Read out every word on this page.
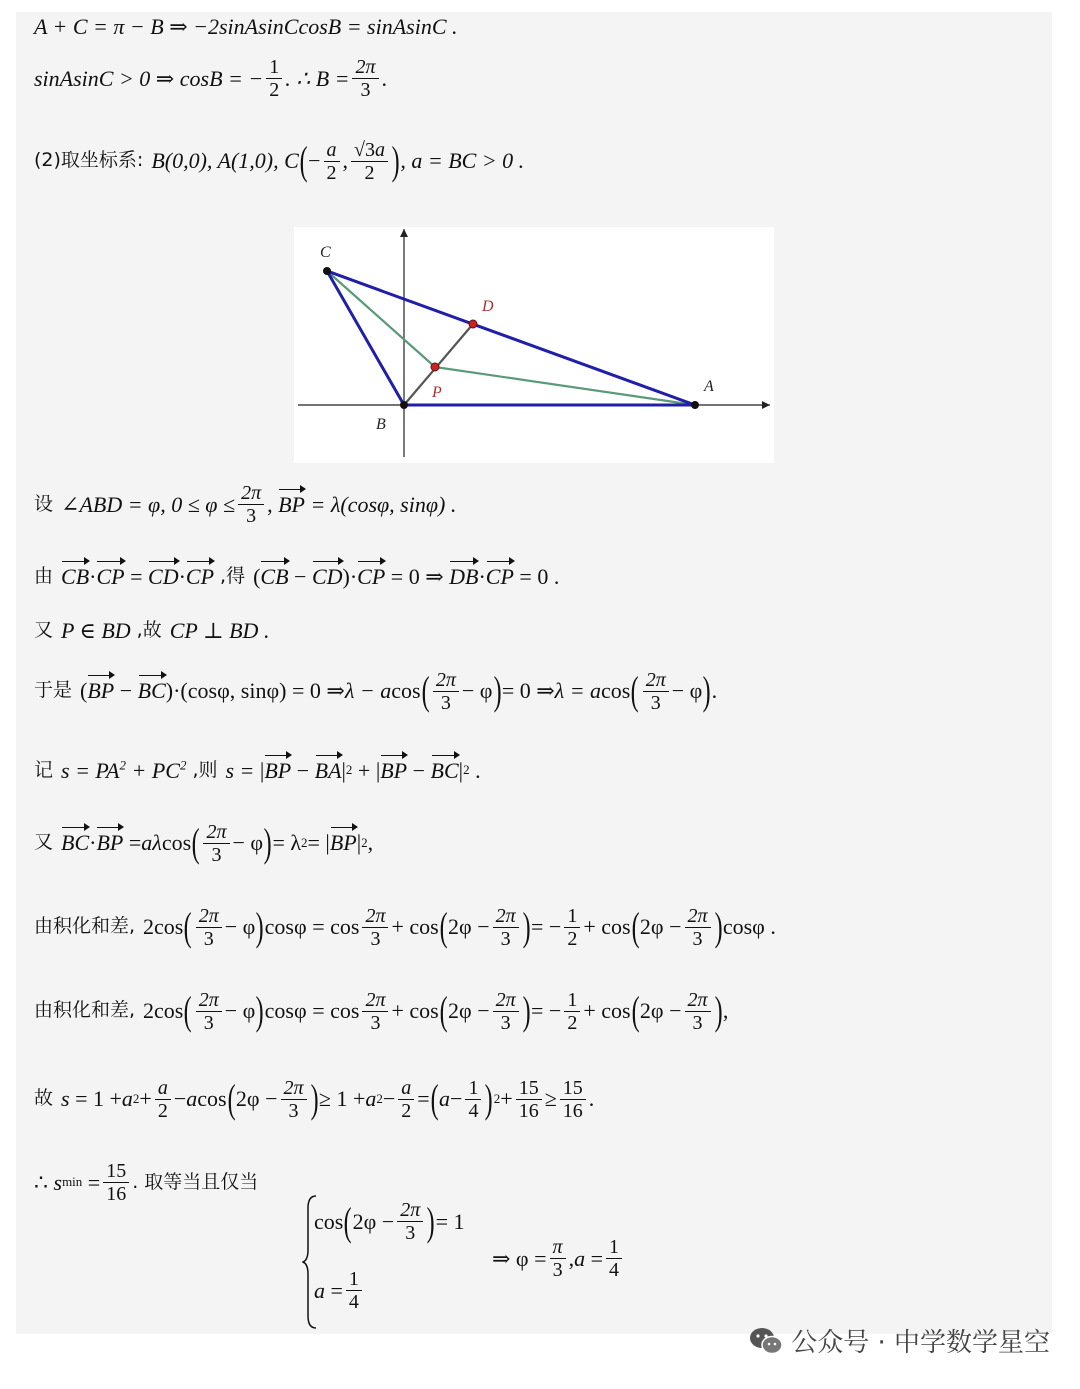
A + C = π − B ⇒ −2sinAsinCcosB = sinAsinC .
sinAsinC > 0 ⇒ cosB = − $\frac{1}{2}$ . ∴ $B = \frac{2\pi}{3}$ .
(2)取坐标系: B(0,0), A(1,0), C ( − $\frac{a}{2}$ , $\frac{√3a}{2}$ ) , a = BC > 0 .
设 ∠ABD = φ, $0 \le \varphi \le \frac{2\pi}{3}$ , BP = λ(cosφ, sinφ) .
由 CB · CP = CD · CP ,得 ( CB − CD )· CP = 0 ⇒ DB · CP = 0 .
又 P ∈ BD ,故 CP ⊥ BD .
于是 ( BP − BC )·(cosφ, sinφ) = 0 ⇒ λ − a cos ( $\frac{2\pi}{3} - \varphi$ ) = 0 ⇒ λ = a cos ( $\frac{2\pi}{3} - \varphi$ ) .
记 $s = PA^2 + PC^2$ ,则 s = | BP − BA | 2 + | BP − BC | 2 .
又 BC · BP = aλ cos ( $\frac{2\pi}{3} - \varphi$ ) = λ 2 = | BP | 2 ,
由积化和差, 2cos ( $\frac{2\pi}{3} - \varphi$ ) $\cos\varphi = \cos \frac{2\pi}{3} + \cos$ ( $2\varphi - \frac{2\pi}{3}$ ) = − $\frac{1}{2} + \cos$ ( $2\varphi - \frac{2\pi}{3}$ ) cosφ .
由积化和差, 2cos ( $\frac{2\pi}{3} - \varphi$ ) $\cos\varphi = \cos \frac{2\pi}{3} + \cos$ ( $2\varphi - \frac{2\pi}{3}$ ) = − $\frac{1}{2} + \cos$ ( $2\varphi - \frac{2\pi}{3}$ ) ,
故 s = 1 + a $2 + \frac{a}{2} - a$ cos ( $2\varphi - \frac{2\pi}{3}$ ) ≥ 1 + a $2 - \frac{a}{2}$ = ( $a - \frac{1}{4}$ ) $2 + \frac{15}{16} \ge \frac{15}{16}$ .
∴ s $\min = \frac{15}{16}$ . 取等当且仅当
cos ( $2\varphi - \frac{2\pi}{3}$ ) = 1
$a = \frac{1}{4}$
⇒ $\varphi = \frac{\pi}{3}$ , $a = \frac{1}{4}$
C
B
A
D
P
公众号 · 中学数学星空
